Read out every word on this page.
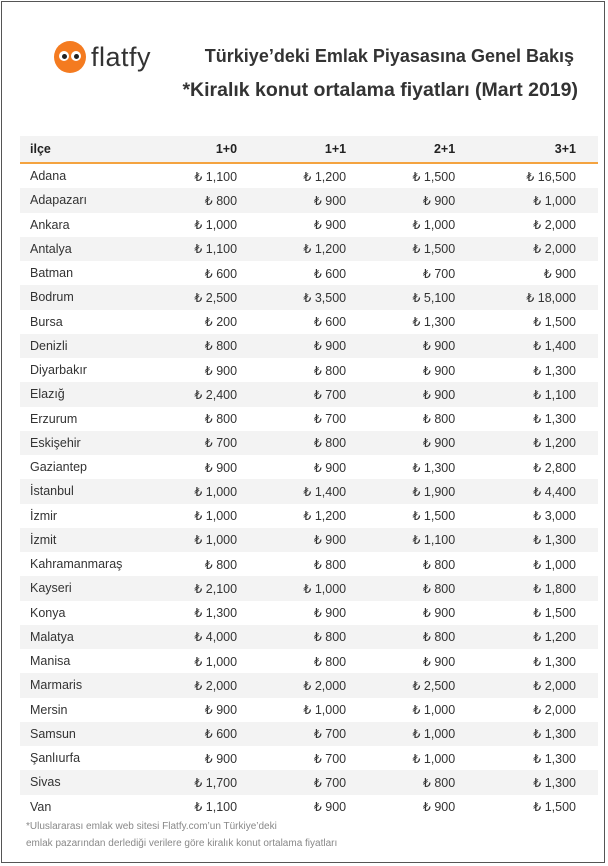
flatfy	Türkiye’deki Emlak Piyasasına Genel Bakış
*Kiralık konut ortalama fiyatları (Mart 2019)
ilçe	1+0	1+1	2+1	3+1
Adana	₺ 1,100	₺ 1,200	₺ 1,500	₺ 16,500
Adapazarı	₺ 800	₺ 900	₺ 900	₺ 1,000
Ankara	₺ 1,000	₺ 900	₺ 1,000	₺ 2,000
Antalya	₺ 1,100	₺ 1,200	₺ 1,500	₺ 2,000
Batman	₺ 600	₺ 600	₺ 700	₺ 900
Bodrum	₺ 2,500	₺ 3,500	₺ 5,100	₺ 18,000
Bursa	₺ 200	₺ 600	₺ 1,300	₺ 1,500
Denizli	₺ 800	₺ 900	₺ 900	₺ 1,400
Diyarbakır	₺ 900	₺ 800	₺ 900	₺ 1,300
Elazığ	₺ 2,400	₺ 700	₺ 900	₺ 1,100
Erzurum	₺ 800	₺ 700	₺ 800	₺ 1,300
Eskişehir	₺ 700	₺ 800	₺ 900	₺ 1,200
Gaziantep	₺ 900	₺ 900	₺ 1,300	₺ 2,800
İstanbul	₺ 1,000	₺ 1,400	₺ 1,900	₺ 4,400
İzmir	₺ 1,000	₺ 1,200	₺ 1,500	₺ 3,000
İzmit	₺ 1,000	₺ 900	₺ 1,100	₺ 1,300
Kahramanmaraş	₺ 800	₺ 800	₺ 800	₺ 1,000
Kayseri	₺ 2,100	₺ 1,000	₺ 800	₺ 1,800
Konya	₺ 1,300	₺ 900	₺ 900	₺ 1,500
Malatya	₺ 4,000	₺ 800	₺ 800	₺ 1,200
Manisa	₺ 1,000	₺ 800	₺ 900	₺ 1,300
Marmaris	₺ 2,000	₺ 2,000	₺ 2,500	₺ 2,000
Mersin	₺ 900	₺ 1,000	₺ 1,000	₺ 2,000
Samsun	₺ 600	₺ 700	₺ 1,000	₺ 1,300
Şanlıurfa	₺ 900	₺ 700	₺ 1,000	₺ 1,300
Sivas	₺ 1,700	₺ 700	₺ 800	₺ 1,300
Van	₺ 1,100	₺ 900	₺ 900	₺ 1,500
*Uluslararası emlak web sitesi Flatfy.com’un Türkiye’deki
emlak pazarından derlediği verilere göre kiralık konut ortalama fiyatları
